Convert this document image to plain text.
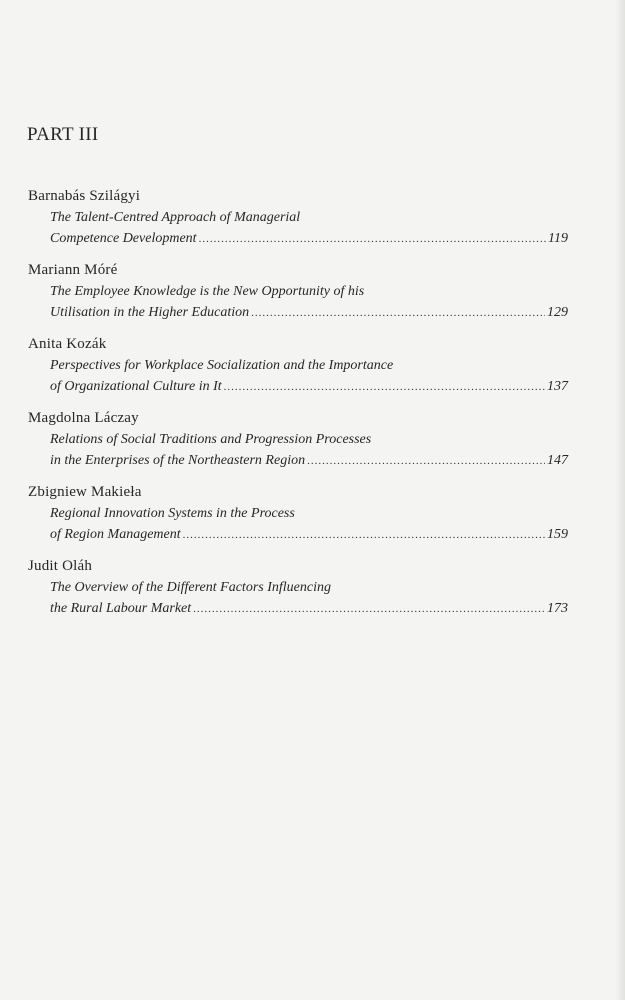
PART III
Barnabás Szilágyi
The Talent-Centred Approach of Managerial
Competence Development .....	119
Mariann Móré
The Employee Knowledge is the New Opportunity of his
Utilisation in the Higher Education .....	129
Anita Kozák
Perspectives for Workplace Socialization and the Importance
of Organizational Culture in It .....	137
Magdolna Láczay
Relations of Social Traditions and Progression Processes
in the Enterprises of the Northeastern Region .....	147
Zbigniew Makieła
Regional Innovation Systems in the Process
of Region Management .....	159
Judit Oláh
The Overview of the Different Factors Influencing
the Rural Labour Market .....	173
